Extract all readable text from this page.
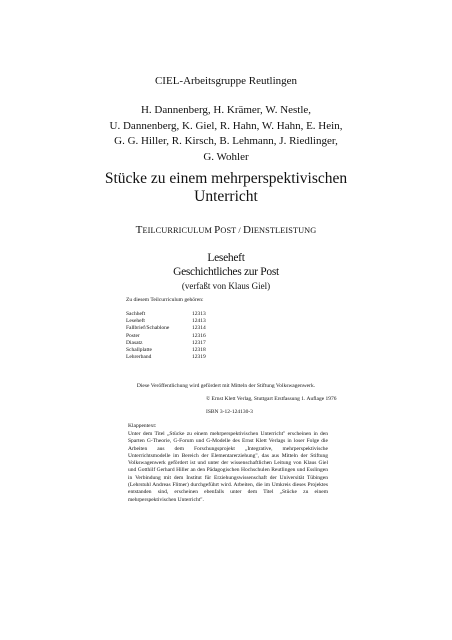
CIEL-Arbeitsgruppe Reutlingen
H. Dannenberg, H. Krämer, W. Nestle,
U. Dannenberg, K. Giel, R. Hahn, W. Hahn, E. Hein,
G. G. Hiller, R. Kirsch, B. Lehmann, J. Riedlinger,
G. Wohler
Stücke zu einem mehrperspektivischen
Unterricht
TEILCURRICULUM POST / DIENSTLEISTUNG
Leseheft
Geschichtliches zur Post
(verfaßt von Klaus Giel)
Zu diesem Teilcurriculum gehören:
Sachheft	12313
Leseheft	12413
Fallbrief/Schablone	12314
Poster	12316
Diasatz	12317
Schallplatte	12318
Lehrerband	12319
Diese Veröffentlichung wird gefördert mit Mitteln der Stiftung Volkswagenwerk.
© Ernst Klett Verlag, Stuttgart Erstfassung 1. Auflage 1976
ISBN 3-12-124130-3
Klappentext:
Unter dem Titel „Stücke zu einem mehrperspektivischen Unterricht" erscheinen in den Sparten G-Theorie, G-Forum und G-Modelle des Ernst Klett Verlags in loser Folge die Arbeiten aus dem Forschungsprojekt „Integrative, mehrperspektivische Unterrichtsmodelle im Bereich der Elementarerziehung", das aus Mitteln der Stiftung Volkswagenwerk gefördert ist und unter der wissenschaftlichen Leitung von Klaus Giel und Gotthilf Gerhard Hiller an den Pädagogischen Hochschulen Reutlingen und Esslingen in Verbindung mit dem Institut für Erziehungswissenschaft der Universität Tübingen (Lehrstuhl Andreas Flitner) durchgeführt wird. Arbeiten, die im Umkreis dieses Projektes entstanden sind, erscheinen ebenfalls unter dem Titel „Stücke zu einem mehrperspektivischen Unterricht".
